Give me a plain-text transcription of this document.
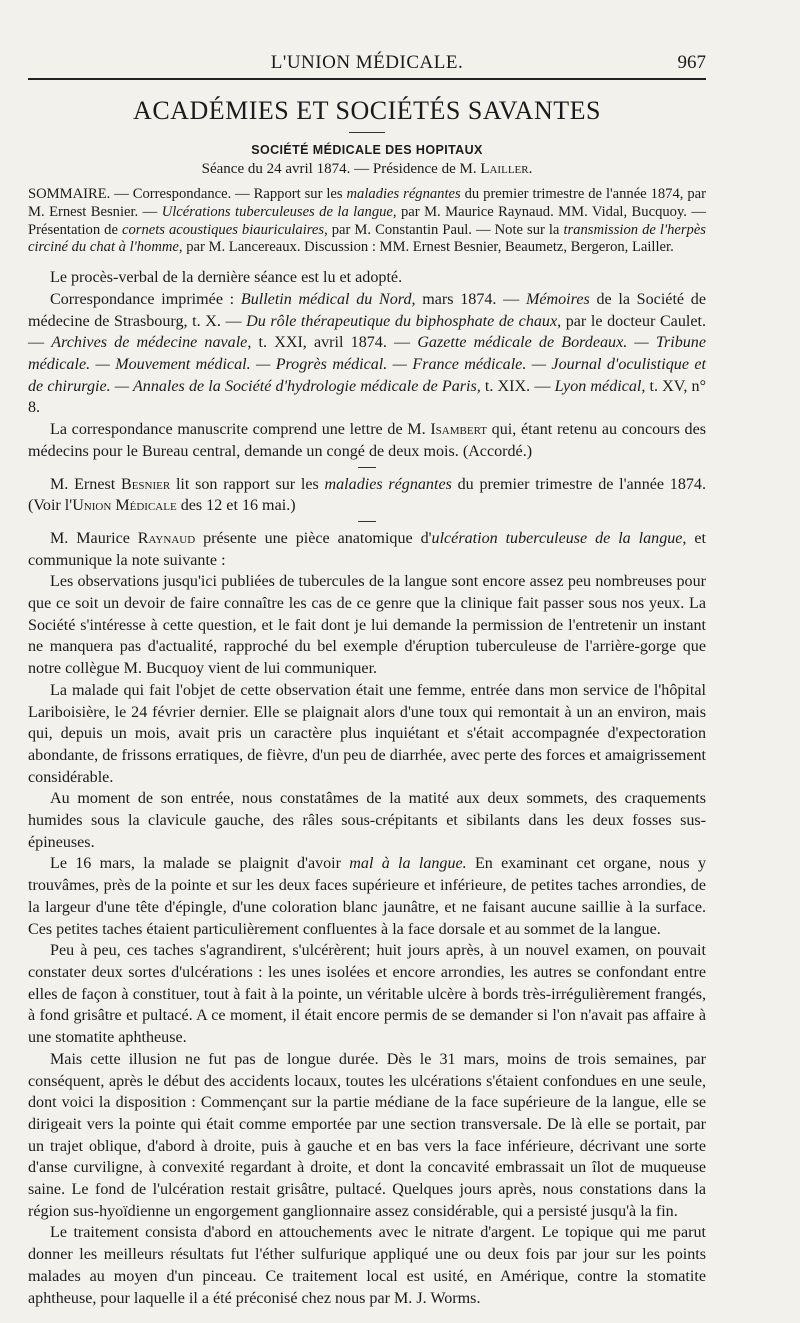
L'UNION MÉDICALE.	967
ACADÉMIES ET SOCIÉTÉS SAVANTES
SOCIÉTÉ MÉDICALE DES HOPITAUX
Séance du 24 avril 1874. — Présidence de M. Lailler.
SOMMAIRE. — Correspondance. — Rapport sur les maladies régnantes du premier trimestre de l'année 1874, par M. Ernest Besnier. — Ulcérations tuberculeuses de la langue, par M. Maurice Raynaud. MM. Vidal, Bucquoy. — Présentation de cornets acoustiques biauriculaires, par M. Constantin Paul. — Note sur la transmission de l'herpès circiné du chat à l'homme, par M. Lancereaux. Discussion : MM. Ernest Besnier, Beaumetz, Bergeron, Lailler.

Le procès-verbal de la dernière séance est lu et adopté.

Correspondance imprimée : Bulletin médical du Nord, mars 1874. — Mémoires de la Société de médecine de Strasbourg, t. X. — Du rôle thérapeutique du biphosphate de chaux, par le docteur Caulet. — Archives de médecine navale, t. XXI, avril 1874. — Gazette médicale de Bordeaux. — Tribune médicale. — Mouvement médical. — Progrès médical. — France médicale. — Journal d'oculistique et de chirurgie. — Annales de la Société d'hydrologie médicale de Paris, t. XIX. — Lyon médical, t. XV, n° 8.

La correspondance manuscrite comprend une lettre de M. Isambert qui, étant retenu au concours des médecins pour le Bureau central, demande un congé de deux mois. (Accordé.)

M. Ernest Besnier lit son rapport sur les maladies régnantes du premier trimestre de l'année 1874. (Voir l'Union Médicale des 12 et 16 mai.)

M. Maurice Raynaud présente une pièce anatomique d'ulcération tuberculeuse de la langue, et communique la note suivante :

Les observations jusqu'ici publiées de tubercules de la langue sont encore assez peu nombreuses pour que ce soit un devoir de faire connaître les cas de ce genre que la clinique fait passer sous nos yeux. La Société s'intéresse à cette question, et le fait dont je lui demande la permission de l'entretenir un instant ne manquera pas d'actualité, rapproché du bel exemple d'éruption tuberculeuse de l'arrière-gorge que notre collègue M. Bucquoy vient de lui communiquer.

La malade qui fait l'objet de cette observation était une femme, entrée dans mon service de l'hôpital Lariboisière, le 24 février dernier. Elle se plaignait alors d'une toux qui remontait à un an environ, mais qui, depuis un mois, avait pris un caractère plus inquiétant et s'était accompagnée d'expectoration abondante, de frissons erratiques, de fièvre, d'un peu de diarrhée, avec perte des forces et amaigrissement considérable.

Au moment de son entrée, nous constatâmes de la matité aux deux sommets, des craquements humides sous la clavicule gauche, des râles sous-crépitants et sibilants dans les deux fosses sus-épineuses.

Le 16 mars, la malade se plaignit d'avoir mal à la langue. En examinant cet organe, nous y trouvâmes, près de la pointe et sur les deux faces supérieure et inférieure, de petites taches arrondies, de la largeur d'une tête d'épingle, d'une coloration blanc jaunâtre, et ne faisant aucune saillie à la surface. Ces petites taches étaient particulièrement confluentes à la face dorsale et au sommet de la langue.

Peu à peu, ces taches s'agrandirent, s'ulcérèrent; huit jours après, à un nouvel examen, on pouvait constater deux sortes d'ulcérations : les unes isolées et encore arrondies, les autres se confondant entre elles de façon à constituer, tout à fait à la pointe, un véritable ulcère à bords très-irrégulièrement frangés, à fond grisâtre et pultacé. A ce moment, il était encore permis de se demander si l'on n'avait pas affaire à une stomatite aphtheuse.

Mais cette illusion ne fut pas de longue durée. Dès le 31 mars, moins de trois semaines, par conséquent, après le début des accidents locaux, toutes les ulcérations s'étaient confondues en une seule, dont voici la disposition : Commençant sur la partie médiane de la face supérieure de la langue, elle se dirigeait vers la pointe qui était comme emportée par une section transversale. De là elle se portait, par un trajet oblique, d'abord à droite, puis à gauche et en bas vers la face inférieure, décrivant une sorte d'anse curviligne, à convexité regardant à droite, et dont la concavité embrassait un îlot de muqueuse saine. Le fond de l'ulcération restait grisâtre, pultacé. Quelques jours après, nous constations dans la région sus-hyoïdienne un engorgement ganglionnaire assez considérable, qui a persisté jusqu'à la fin.

Le traitement consista d'abord en attouchements avec le nitrate d'argent. Le topique qui me parut donner les meilleurs résultats fut l'éther sulfurique appliqué une ou deux fois par jour sur les points malades au moyen d'un pinceau. Ce traitement local est usité, en Amérique, contre la stomatite aphtheuse, pour laquelle il a été préconisé chez nous par M. J. Worms.
